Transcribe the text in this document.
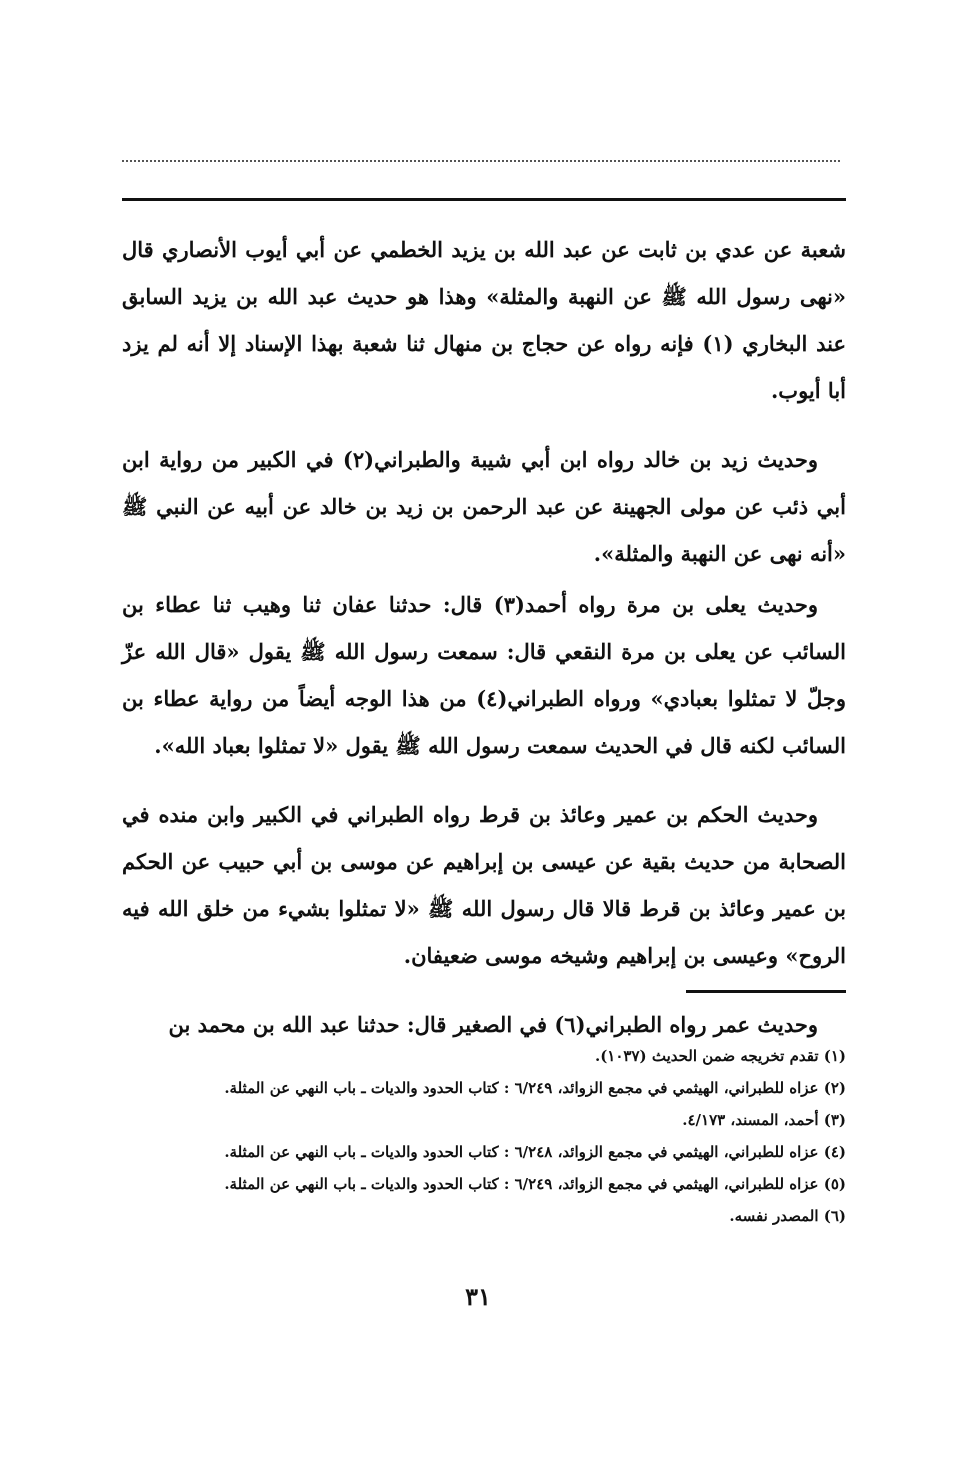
شعبة عن عدي بن ثابت عن عبد الله بن يزيد الخطمي عن أبي أيوب الأنصاري قال «نهى رسول الله ﷺ عن النهبة والمثلة» وهذا هو حديث عبد الله بن يزيد السابق عند البخاري (١) فإنه رواه عن حجاج بن منهال ثنا شعبة بهذا الإسناد إلا أنه لم يزد أبا أيوب.

وحديث زيد بن خالد رواه ابن أبي شيبة والطبراني(٢) في الكبير من رواية ابن أبي ذئب عن مولى الجهينة عن عبد الرحمن بن زيد بن خالد عن أبيه عن النبي ﷺ «أنه نهى عن النهبة والمثلة».

وحديث يعلى بن مرة رواه أحمد(٣) قال: حدثنا عفان ثنا وهيب ثنا عطاء بن السائب عن يعلى بن مرة النقعي قال: سمعت رسول الله ﷺ يقول «قال الله عزّ وجلّ لا تمثلوا بعبادي» ورواه الطبراني(٤) من هذا الوجه أيضاً من رواية عطاء بن السائب لكنه قال في الحديث سمعت رسول الله ﷺ يقول «لا تمثلوا بعباد الله».

وحديث الحكم بن عمير وعائذ بن قرط رواه الطبراني في الكبير وابن منده في الصحابة من حديث بقية عن عيسى بن إبراهيم عن موسى بن أبي حبيب عن الحكم بن عمير وعائذ بن قرط قالا قال رسول الله ﷺ «لا تمثلوا بشيء من خلق الله فيه الروح» وعيسى بن إبراهيم وشيخه موسى ضعيفان.

وحديث عمر رواه الطبراني(٦) في الصغير قال: حدثنا عبد الله بن محمد بن

(١) تقدم تخريجه ضمن الحديث (١٠٣٧).
(٢) عزاه للطبراني، الهيثمي في مجمع الزوائد، ٦/٢٤٩ : كتاب الحدود والديات ـ باب النهي عن المثلة.
(٣) أحمد، المسند، ٤/١٧٣.
(٤) عزاه للطبراني، الهيثمي في مجمع الزوائد، ٦/٢٤٨ : كتاب الحدود والديات ـ باب النهي عن المثلة.
(٥) عزاه للطبراني، الهيثمي في مجمع الزوائد، ٦/٢٤٩ : كتاب الحدود والديات ـ باب النهي عن المثلة.
(٦) المصدر نفسه.
٣١
